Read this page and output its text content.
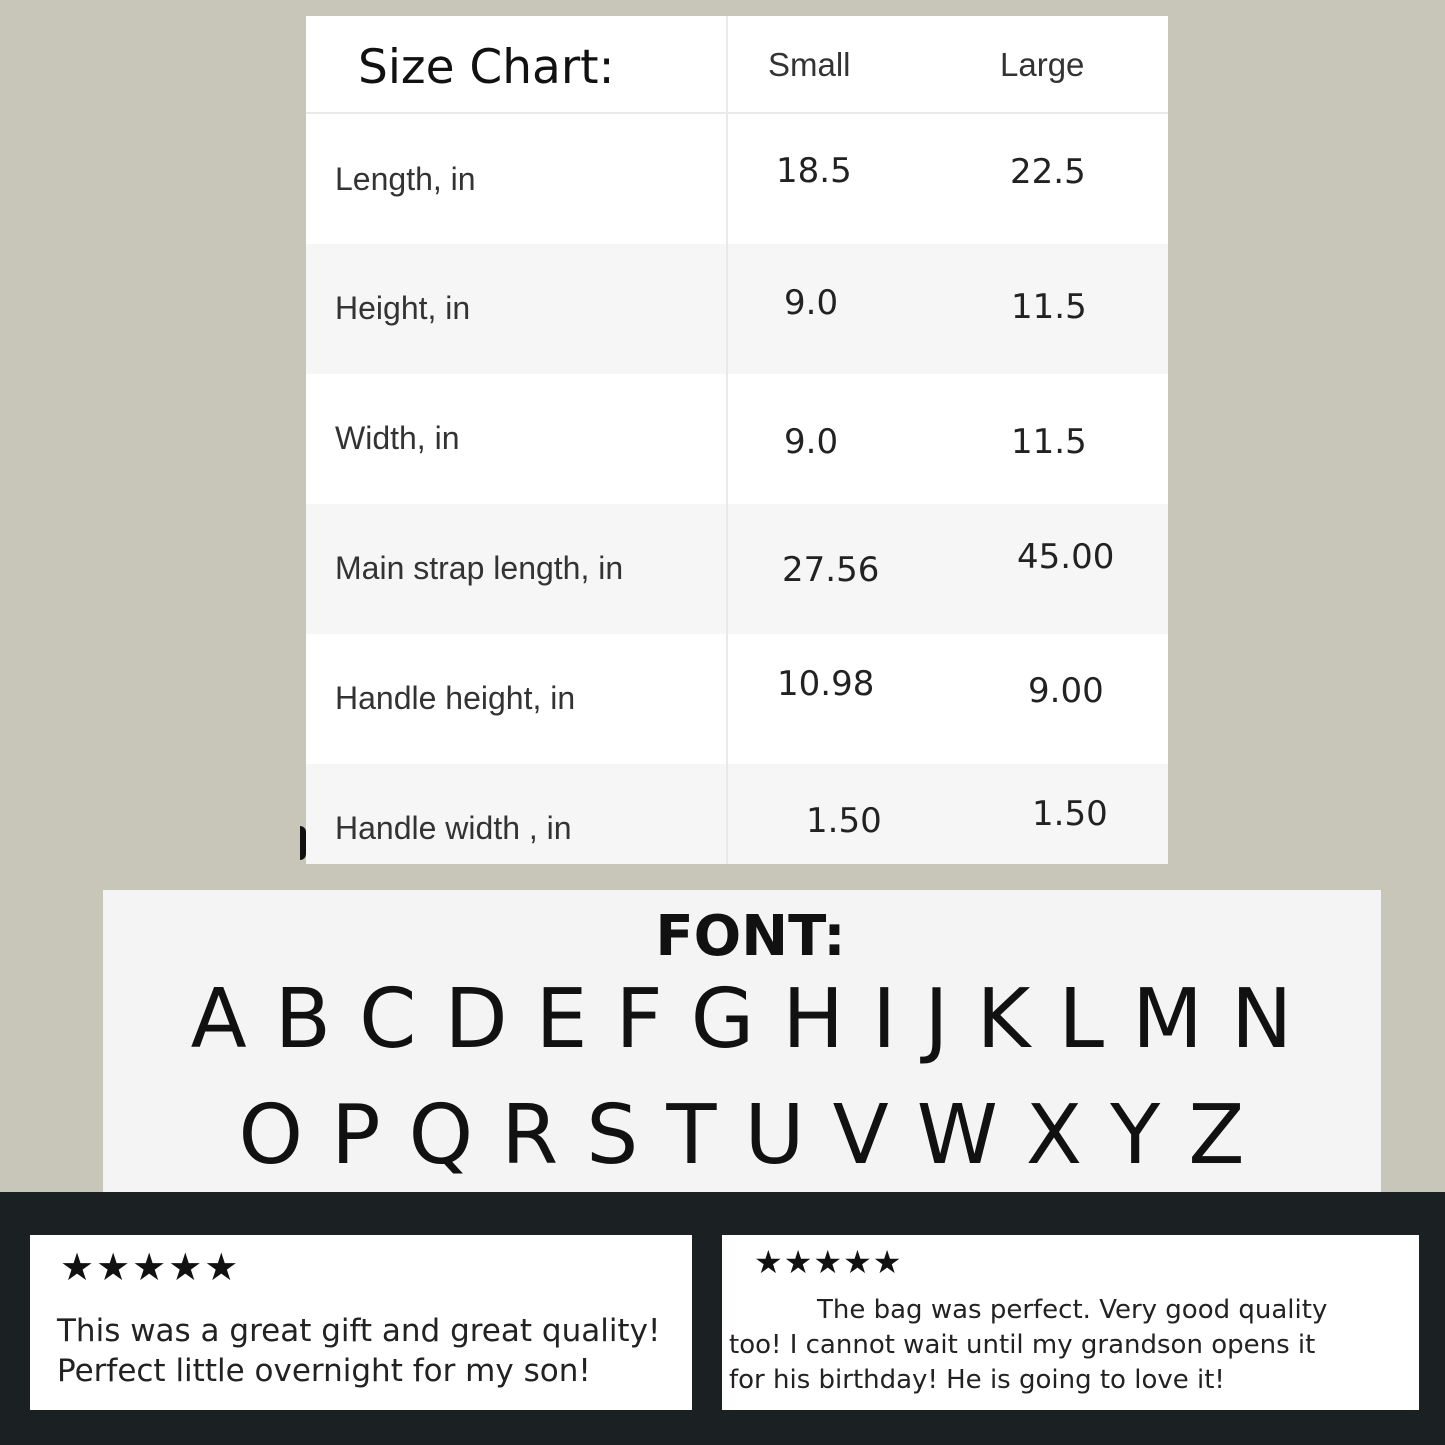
Size Chart:	Small	Large
Length, in	18.5	22.5
Height, in	9.0	11.5
Width, in	9.0	11.5
Main strap length, in	27.56	45.00
Handle height, in	10.98	9.00
Handle width , in	1.50	1.50
FONT:
A B C D E F G H I J K L M N
O P Q R S T U V W X Y Z
★★★★★
This was a great gift and great quality!
Perfect little overnight for my son!
★★★★★
The bag was perfect. Very good quality
too! I cannot wait until my grandson opens it
for his birthday! He is going to love it!
